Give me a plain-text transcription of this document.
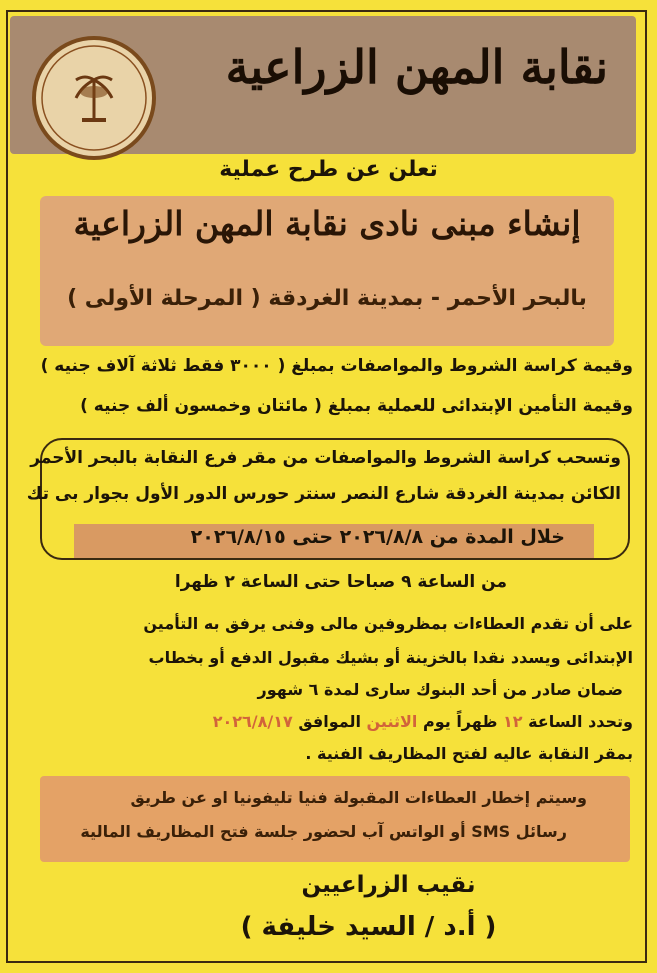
نقابة المهن الزراعية
تعلن عن طرح عملية
إنشاء مبنى نادى نقابة المهن الزراعية
بالبحر الأحمر - بمدينة الغردقة ( المرحلة الأولى )
وقيمة كراسة الشروط والمواصفات بمبلغ ( ٣٠٠٠ فقط ثلاثة آلاف جنيه )
وقيمة التأمين الإبتدائى للعملية بمبلغ ( مائتان وخمسون ألف جنيه )
وتسحب كراسة الشروط والمواصفات من مقر فرع النقابة بالبحر الأحمر
الكائن بمدينة الغردقة شارع النصر سنتر حورس الدور الأول بجوار بى تك
خلال المدة من ٢٠٢٦/٨/٨ حتى ٢٠٢٦/٨/١٥
من الساعة ٩ صباحا حتى الساعة ٢ ظهرا
على أن تقدم العطاءات بمظروفين مالى وفنى يرفق به التأمين
الإبتدائى ويسدد نقدا بالخزينة أو بشيك مقبول الدفع أو بخطاب
ضمان صادر من أحد البنوك سارى لمدة ٦ شهور
وتحدد الساعة ١٢ ظهراً يوم الاثنين الموافق ٢٠٢٦/٨/١٧
بمقر النقابة عاليه لفتح المظاريف الفنية .
وسيتم إخطار العطاءات المقبولة فنيا تليفونيا او عن طريق
رسائل SMS أو الواتس آب لحضور جلسة فتح المظاريف المالية
نقيب الزراعيين
( أ.د / السيد خليفة )
